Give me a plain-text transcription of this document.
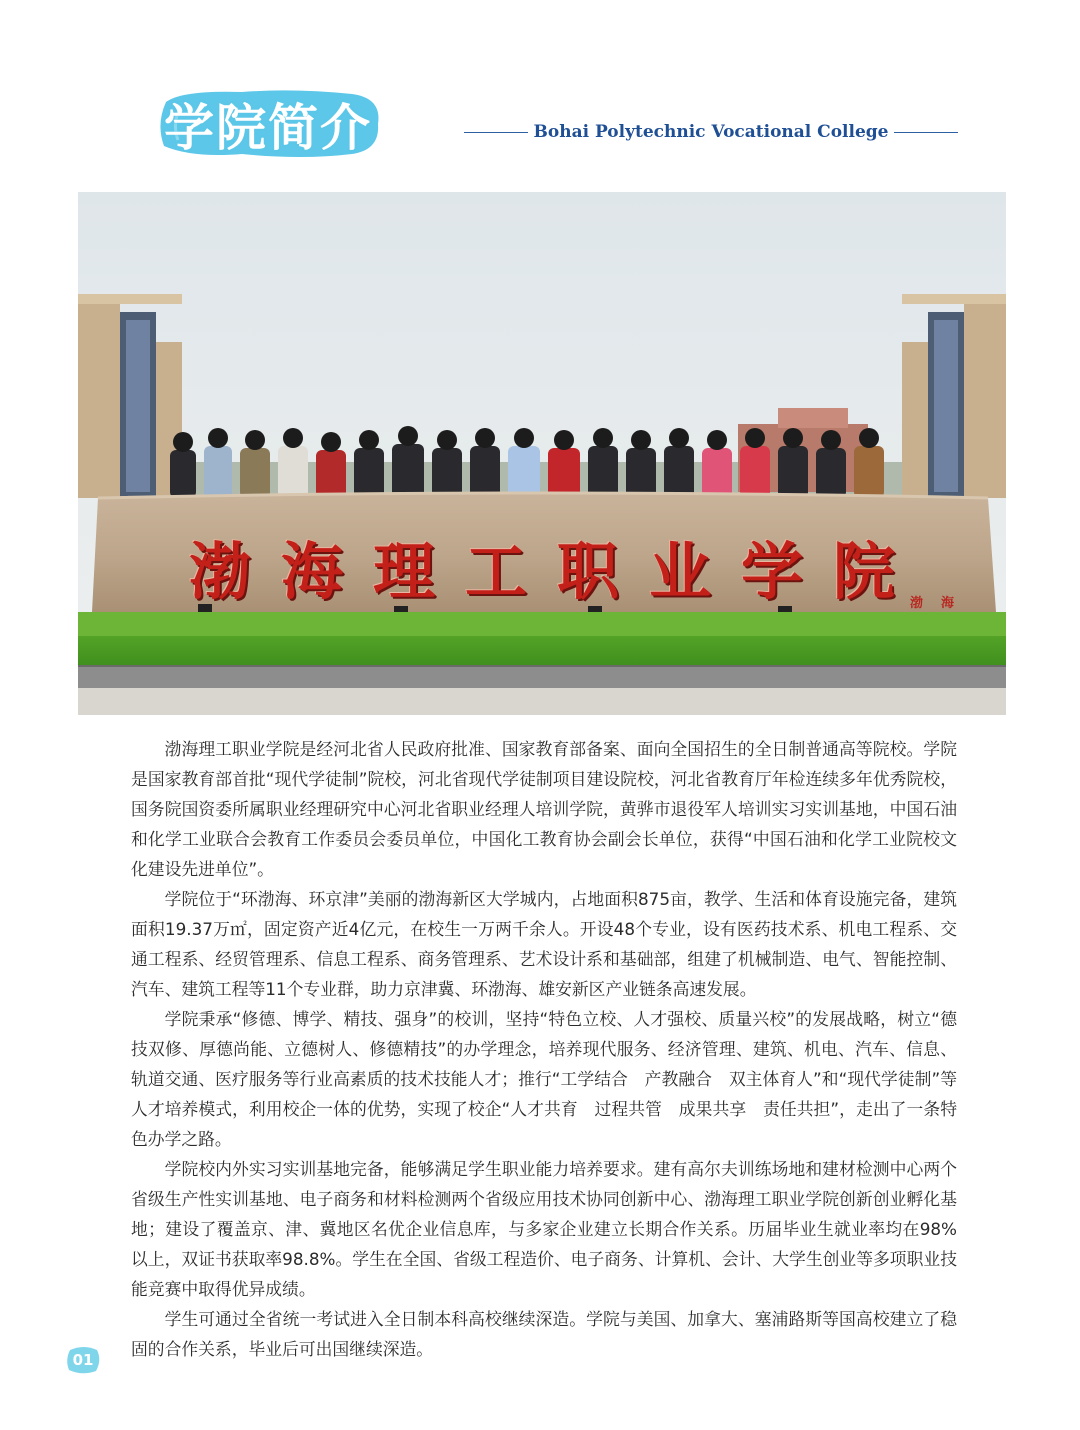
学院简介	Bohai Polytechnic Vocational College
渤海
渤海理工职业学院

渤海理工职业学院是经河北省人民政府批准、国家教育部备案、面向全国招生的全日制普通高等院校。学院是国家教育部首批“现代学徒制”院校，河北省现代学徒制项目建设院校，河北省教育厅年检连续多年优秀院校，国务院国资委所属职业经理研究中心河北省职业经理人培训学院，黄骅市退役军人培训实习实训基地，中国石油和化学工业联合会教育工作委员会委员单位，中国化工教育协会副会长单位，获得“中国石油和化学工业院校文化建设先进单位”。

学院位于“环渤海、环京津”美丽的渤海新区大学城内，占地面积875亩，教学、生活和体育设施完备，建筑面积19.37万㎡，固定资产近4亿元，在校生一万两千余人。开设48个专业，设有医药技术系、机电工程系、交通工程系、经贸管理系、信息工程系、商务管理系、艺术设计系和基础部，组建了机械制造、电气、智能控制、汽车、建筑工程等11个专业群，助力京津冀、环渤海、雄安新区产业链条高速发展。

学院秉承“修德、博学、精技、强身”的校训，坚持“特色立校、人才强校、质量兴校”的发展战略，树立“德技双修、厚德尚能、立德树人、修德精技”的办学理念，培养现代服务、经济管理、建筑、机电、汽车、信息、轨道交通、医疗服务等行业高素质的技术技能人才；推行“工学结合　产教融合　双主体育人”和“现代学徒制”等人才培养模式，利用校企一体的优势，实现了校企“人才共育　过程共管　成果共享　责任共担”，走出了一条特色办学之路。

学院校内外实习实训基地完备，能够满足学生职业能力培养要求。建有高尔夫训练场地和建材检测中心两个省级生产性实训基地、电子商务和材料检测两个省级应用技术协同创新中心、渤海理工职业学院创新创业孵化基地；建设了覆盖京、津、冀地区名优企业信息库，与多家企业建立长期合作关系。历届毕业生就业率均在98%以上，双证书获取率98.8%。学生在全国、省级工程造价、电子商务、计算机、会计、大学生创业等多项职业技能竞赛中取得优异成绩。

学生可通过全省统一考试进入全日制本科高校继续深造。学院与美国、加拿大、塞浦路斯等国高校建立了稳固的合作关系，毕业后可出国继续深造。

01
